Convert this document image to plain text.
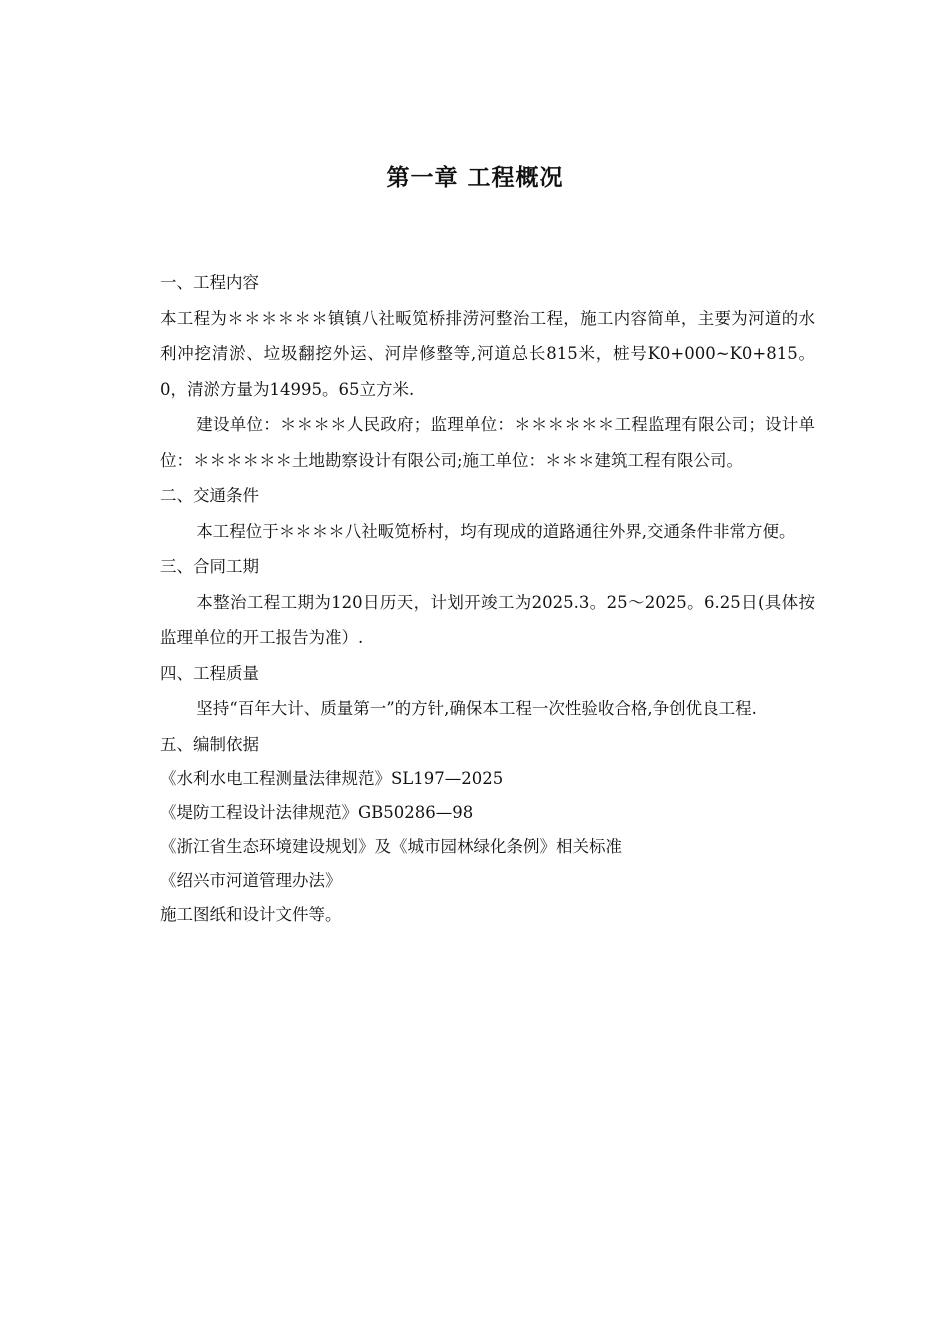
第一章 工程概况

一、工程内容

本工程为＊＊＊＊＊＊镇镇八社畈笕桥排涝河整治工程，施工内容简单，主要为河道的水利冲挖清淤、垃圾翻挖外运、河岸修整等,河道总长815米，桩号K0+000~K0+815。0，清淤方量为14995。65立方米.

建设单位：＊＊＊＊人民政府；监理单位：＊＊＊＊＊＊工程监理有限公司；设计单位：＊＊＊＊＊＊土地勘察设计有限公司;施工单位：＊＊＊建筑工程有限公司。

二、交通条件

本工程位于＊＊＊＊八社畈笕桥村，均有现成的道路通往外界,交通条件非常方便。

三、合同工期

本整治工程工期为120日历天，计划开竣工为2025.3。25～2025。6.25日(具体按监理单位的开工报告为准）.

四、工程质量

坚持“百年大计、质量第一”的方针,确保本工程一次性验收合格,争创优良工程.

五、编制依据

《水利水电工程测量法律规范》SL197—2025

《堤防工程设计法律规范》GB50286—98

《浙江省生态环境建设规划》及《城市园林绿化条例》相关标准

《绍兴市河道管理办法》

施工图纸和设计文件等。
